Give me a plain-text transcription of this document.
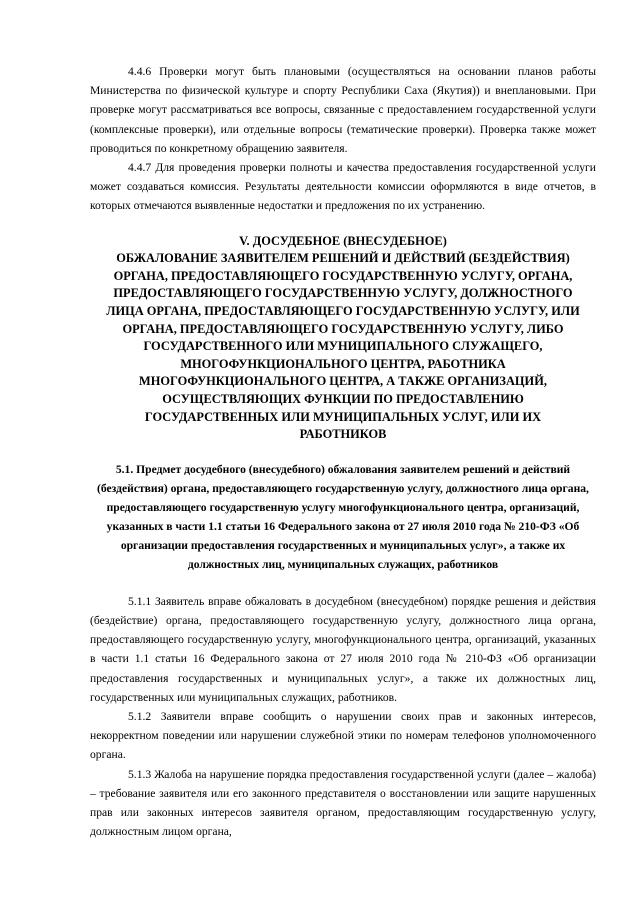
4.4.6 Проверки могут быть плановыми (осуществляться на основании планов работы Министерства по физической культуре и спорту Республики Саха (Якутия)) и внеплановыми. При проверке могут рассматриваться все вопросы, связанные с предоставлением государственной услуги (комплексные проверки), или отдельные вопросы (тематические проверки). Проверка также может проводиться по конкретному обращению заявителя.

4.4.7 Для проведения проверки полноты и качества предоставления государственной услуги может создаваться комиссия. Результаты деятельности комиссии оформляются в виде отчетов, в которых отмечаются выявленные недостатки и предложения по их устранению.

V. ДОСУДЕБНОЕ (ВНЕСУДЕБНОЕ)
ОБЖАЛОВАНИЕ ЗАЯВИТЕЛЕМ РЕШЕНИЙ И ДЕЙСТВИЙ (БЕЗДЕЙСТВИЯ)
ОРГАНА, ПРЕДОСТАВЛЯЮЩЕГО ГОСУДАРСТВЕННУЮ УСЛУГУ, ОРГАНА,
ПРЕДОСТАВЛЯЮЩЕГО ГОСУДАРСТВЕННУЮ УСЛУГУ, ДОЛЖНОСТНОГО
ЛИЦА ОРГАНА, ПРЕДОСТАВЛЯЮЩЕГО ГОСУДАРСТВЕННУЮ УСЛУГУ, ИЛИ
ОРГАНА, ПРЕДОСТАВЛЯЮЩЕГО ГОСУДАРСТВЕННУЮ УСЛУГУ, ЛИБО
ГОСУДАРСТВЕННОГО ИЛИ МУНИЦИПАЛЬНОГО СЛУЖАЩЕГО,
МНОГОФУНКЦИОНАЛЬНОГО ЦЕНТРА, РАБОТНИКА
МНОГОФУНКЦИОНАЛЬНОГО ЦЕНТРА, А ТАКЖЕ ОРГАНИЗАЦИЙ,
ОСУЩЕСТВЛЯЮЩИХ ФУНКЦИИ ПО ПРЕДОСТАВЛЕНИЮ
ГОСУДАРСТВЕННЫХ ИЛИ МУНИЦИПАЛЬНЫХ УСЛУГ, ИЛИ ИХ
РАБОТНИКОВ
5.1. Предмет досудебного (внесудебного) обжалования заявителем решений и действий (бездействия) органа, предоставляющего государственную услугу, должностного лица органа, предоставляющего государственную услугу многофункционального центра, организаций, указанных в части 1.1 статьи 16 Федерального закона от 27 июля 2010 года № 210-ФЗ «Об организации предоставления государственных и муниципальных услуг», а также их должностных лиц, муниципальных служащих, работников

5.1.1 Заявитель вправе обжаловать в досудебном (внесудебном) порядке решения и действия (бездействие) органа, предоставляющего государственную услугу, должностного лица органа, предоставляющего государственную услугу, многофункционального центра, организаций, указанных в части 1.1 статьи 16 Федерального закона от 27 июля 2010 года № 210-ФЗ «Об организации предоставления государственных и муниципальных услуг», а также их должностных лиц, государственных или муниципальных служащих, работников.

5.1.2 Заявители вправе сообщить о нарушении своих прав и законных интересов, некорректном поведении или нарушении служебной этики по номерам телефонов уполномоченного органа.

5.1.3 Жалоба на нарушение порядка предоставления государственной услуги (далее – жалоба) – требование заявителя или его законного представителя о восстановлении или защите нарушенных прав или законных интересов заявителя органом, предоставляющим государственную услугу, должностным лицом органа,
